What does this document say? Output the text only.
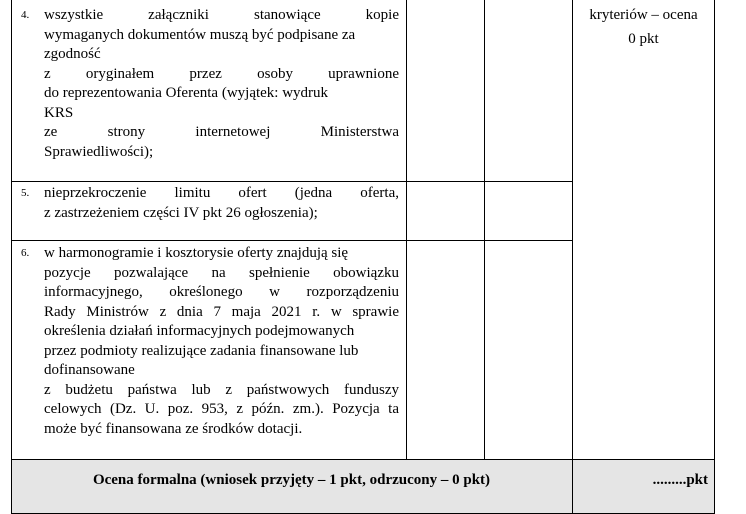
4. wszystkie załączniki stanowiące kopie
wymaganych dokumentów muszą być podpisane za
zgodność
z oryginałem przez osoby uprawnione
do reprezentowania Oferenta (wyjątek: wydruk
KRS
ze strony internetowej Ministerstwa
Sprawiedliwości);
kryteriów – ocena
0 pkt
5. nieprzekroczenie limitu ofert (jedna oferta,
z zastrzeżeniem części IV pkt 26 ogłoszenia);
6. w harmonogramie i kosztorysie oferty znajdują się
pozycje pozwalające na spełnienie obowiązku
informacyjnego, określonego w rozporządzeniu
Rady Ministrów z dnia 7 maja 2021 r. w sprawie
określenia działań informacyjnych podejmowanych
przez podmioty realizujące zadania finansowane lub
dofinansowane
z budżetu państwa lub z państwowych funduszy
celowych (Dz. U. poz. 953, z późn. zm.). Pozycja ta
może być finansowana ze środków dotacji.
Ocena formalna (wniosek przyjęty – 1 pkt, odrzucony – 0 pkt)	.........pkt
